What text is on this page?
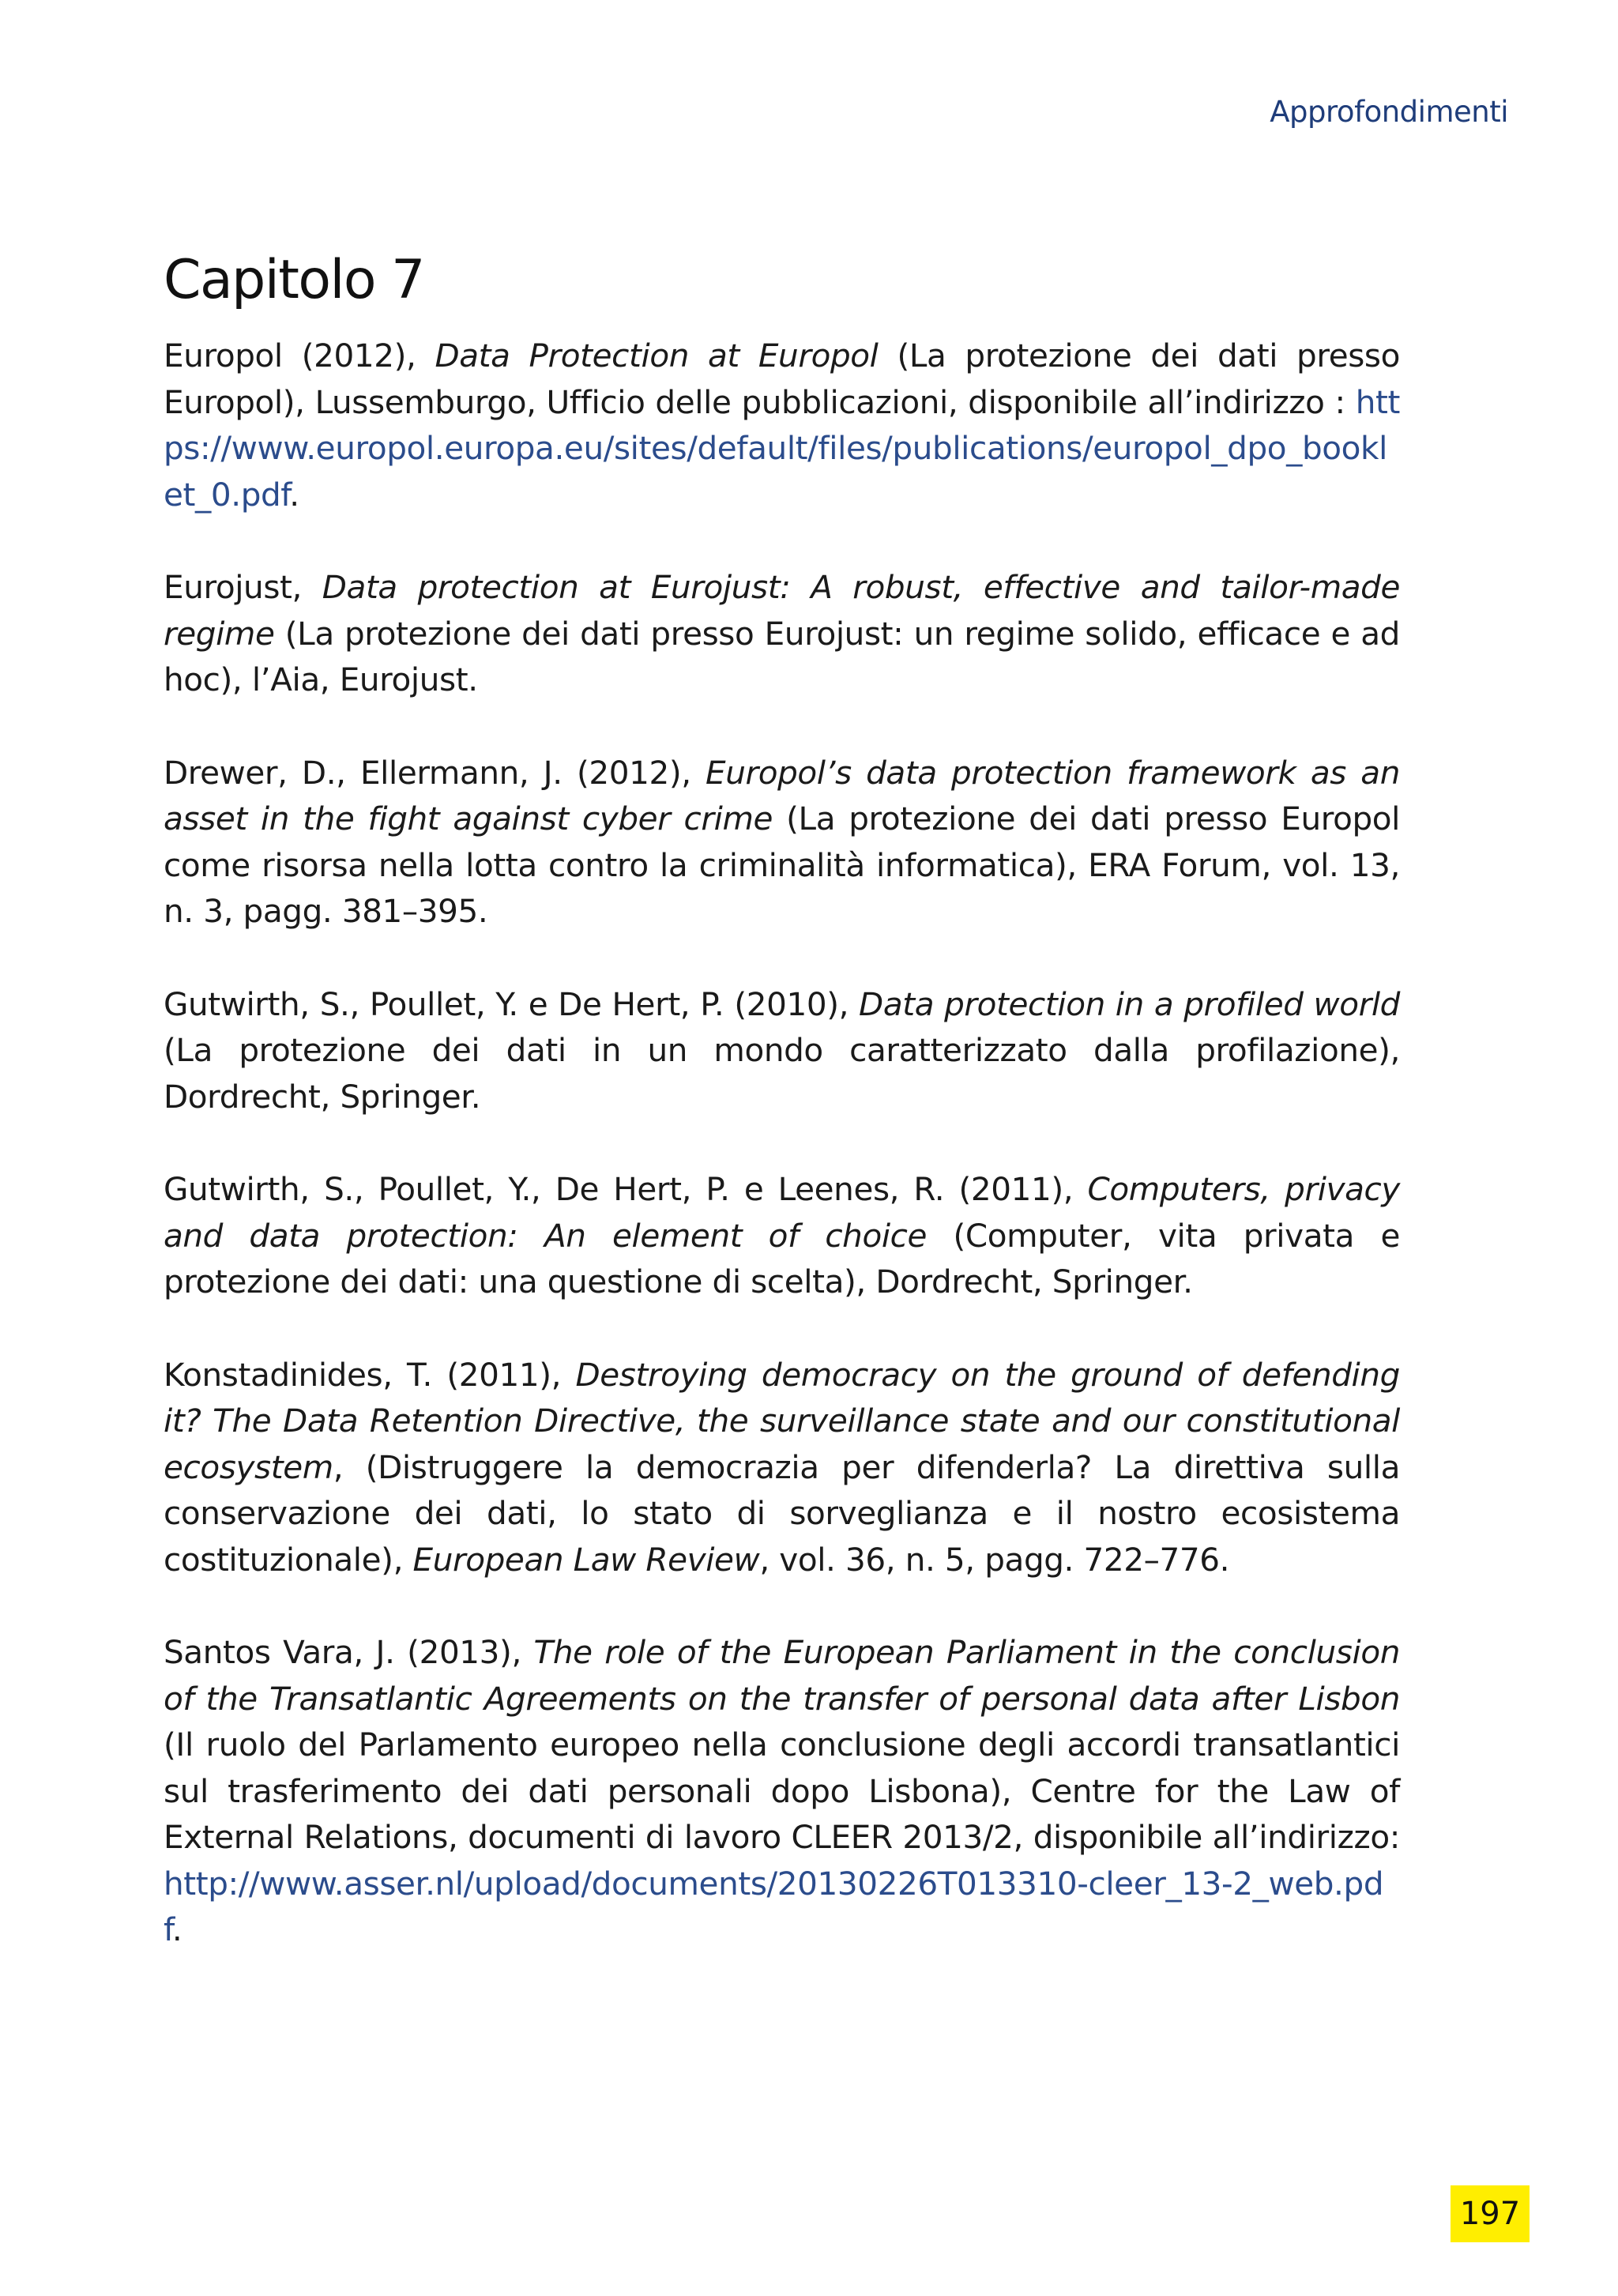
Approfondimenti
Capitolo 7

Europol (2012), Data Protection at Europol (La protezione dei dati presso Europol), Lussemburgo, Ufficio delle pubblicazioni, disponibile all’indirizzo : https://www.europol.europa.eu/sites/default/files/publications/europol_dpo_booklet_0.pdf.

Eurojust, Data protection at Eurojust: A robust, effective and tailor-made regime (La protezione dei dati presso Eurojust: un regime solido, efficace e ad hoc), l’Aia, Eurojust.

Drewer, D., Ellermann, J. (2012), Europol’s data protection framework as an asset in the fight against cyber crime (La protezione dei dati presso Europol come risorsa nella lotta contro la criminalità informatica), ERA Forum, vol. 13, n. 3, pagg. 381–395.

Gutwirth, S., Poullet, Y. e De Hert, P. (2010), Data protection in a profiled world (La protezione dei dati in un mondo caratterizzato dalla profilazione), Dordrecht, Springer.

Gutwirth, S., Poullet, Y., De Hert, P. e Leenes, R. (2011), Computers, privacy and data protection: An element of choice (Computer, vita privata e protezione dei dati: una questione di scelta), Dordrecht, Springer.

Konstadinides, T. (2011), Destroying democracy on the ground of defending it? The Data Retention Directive, the surveillance state and our constitutional ecosystem, (Distruggere la democrazia per difenderla? La direttiva sulla conservazione dei dati, lo stato di sorveglianza e il nostro ecosistema costituzionale), European Law Review, vol. 36, n. 5, pagg. 722–776.

Santos Vara, J. (2013), The role of the European Parliament in the conclusion of the Transatlantic Agreements on the transfer of personal data after Lisbon (Il ruolo del Parlamento europeo nella conclusione degli accordi transatlantici sul trasferimento dei dati personali dopo Lisbona), Centre for the Law of External Relations, documenti di lavoro CLEER 2013/2, disponibile all’indirizzo: http://www.asser.nl/upload/documents/20130226T013310-cleer_13-2_web.pdf.

197
